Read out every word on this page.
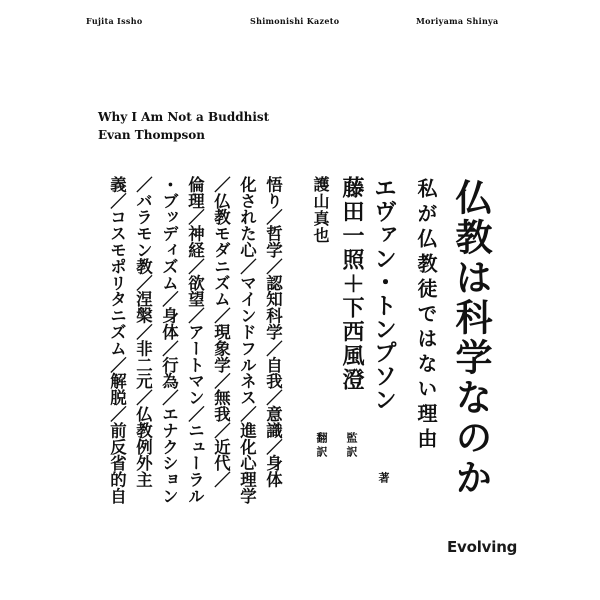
Fujita Issho	Shimonishi Kazeto	Moriyama Shinya
Why I Am Not a Buddhist
Evan Thompson
仏教は科学なのか
私が仏教徒ではない理由
エヴァン・トンプソン
著
藤田一照＋下西風澄
監訳
護山真也
翻訳
悟り／哲学／認知科学／自我／意識／身体
化された心／マインドフルネス／進化心理学
／仏教モダニズム／現象学／無我／近代／
倫理／神経／欲望／アートマン／ニューラル
・ブッディズム／身体／行為／エナクション
／バラモン教／涅槃／非二元／仏教例外主
義／コスモポリタニズム／解脱／前反省的自
Evolving
